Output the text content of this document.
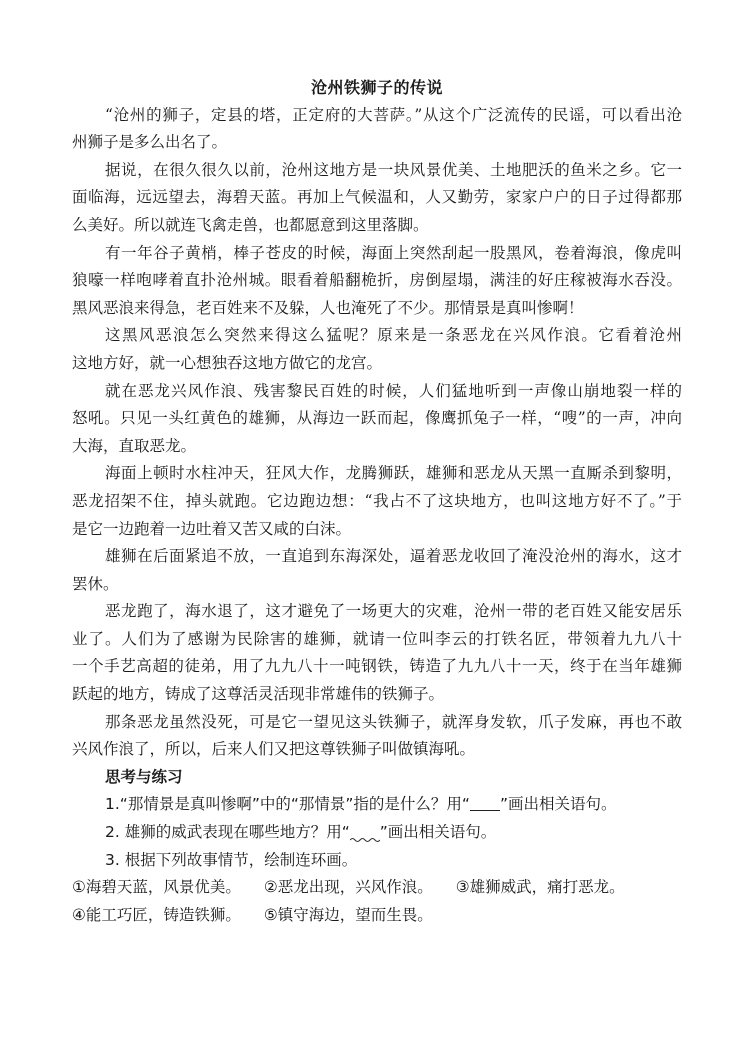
沧州铁狮子的传说
“沧州的狮子，定县的塔，正定府的大菩萨。”从这个广泛流传的民谣，可以看出沧
州狮子是多么出名了。
据说，在很久很久以前，沧州这地方是一块风景优美、土地肥沃的鱼米之乡。它一
面临海，远远望去，海碧天蓝。再加上气候温和，人又勤劳，家家户户的日子过得都那
么美好。所以就连飞禽走兽，也都愿意到这里落脚。
有一年谷子黄梢，棒子苍皮的时候，海面上突然刮起一股黑风，卷着海浪，像虎叫
狼嚎一样咆哮着直扑沧州城。眼看着船翻桅折，房倒屋塌，满洼的好庄稼被海水吞没。
黑风恶浪来得急，老百姓来不及躲，人也淹死了不少。那情景是真叫惨啊！
这黑风恶浪怎么突然来得这么猛呢？原来是一条恶龙在兴风作浪。它看着沧州
这地方好，就一心想独吞这地方做它的龙宫。
就在恶龙兴风作浪、残害黎民百姓的时候，人们猛地听到一声像山崩地裂一样的
怒吼。只见一头红黄色的雄狮，从海边一跃而起，像鹰抓兔子一样，“嗖”的一声，冲向
大海，直取恶龙。
海面上顿时水柱冲天，狂风大作，龙腾狮跃，雄狮和恶龙从天黑一直厮杀到黎明，
恶龙招架不住，掉头就跑。它边跑边想：“我占不了这块地方，也叫这地方好不了。”于
是它一边跑着一边吐着又苦又咸的白沫。
雄狮在后面紧追不放，一直追到东海深处，逼着恶龙收回了淹没沧州的海水，这才
罢休。
恶龙跑了，海水退了，这才避免了一场更大的灾难，沧州一带的老百姓又能安居乐
业了。人们为了感谢为民除害的雄狮，就请一位叫李云的打铁名匠，带领着九九八十
一个手艺高超的徒弟，用了九九八十一吨钢铁，铸造了九九八十一天，终于在当年雄狮
跃起的地方，铸成了这尊活灵活现非常雄伟的铁狮子。
那条恶龙虽然没死，可是它一望见这头铁狮子，就浑身发软，爪子发麻，再也不敢
兴风作浪了，所以，后来人们又把这尊铁狮子叫做镇海吼。
思考与练习
1.“那情景是真叫惨啊”中的“那情景”指的是什么？用“ ”画出相关语句。
2. 雄狮的威武表现在哪些地方？用“ ”画出相关语句。
3. 根据下列故事情节，绘制连环画。
①海碧天蓝，风景优美。 ②恶龙出现，兴风作浪。 ③雄狮威武，痛打恶龙。
④能工巧匠，铸造铁狮。 ⑤镇守海边，望而生畏。
